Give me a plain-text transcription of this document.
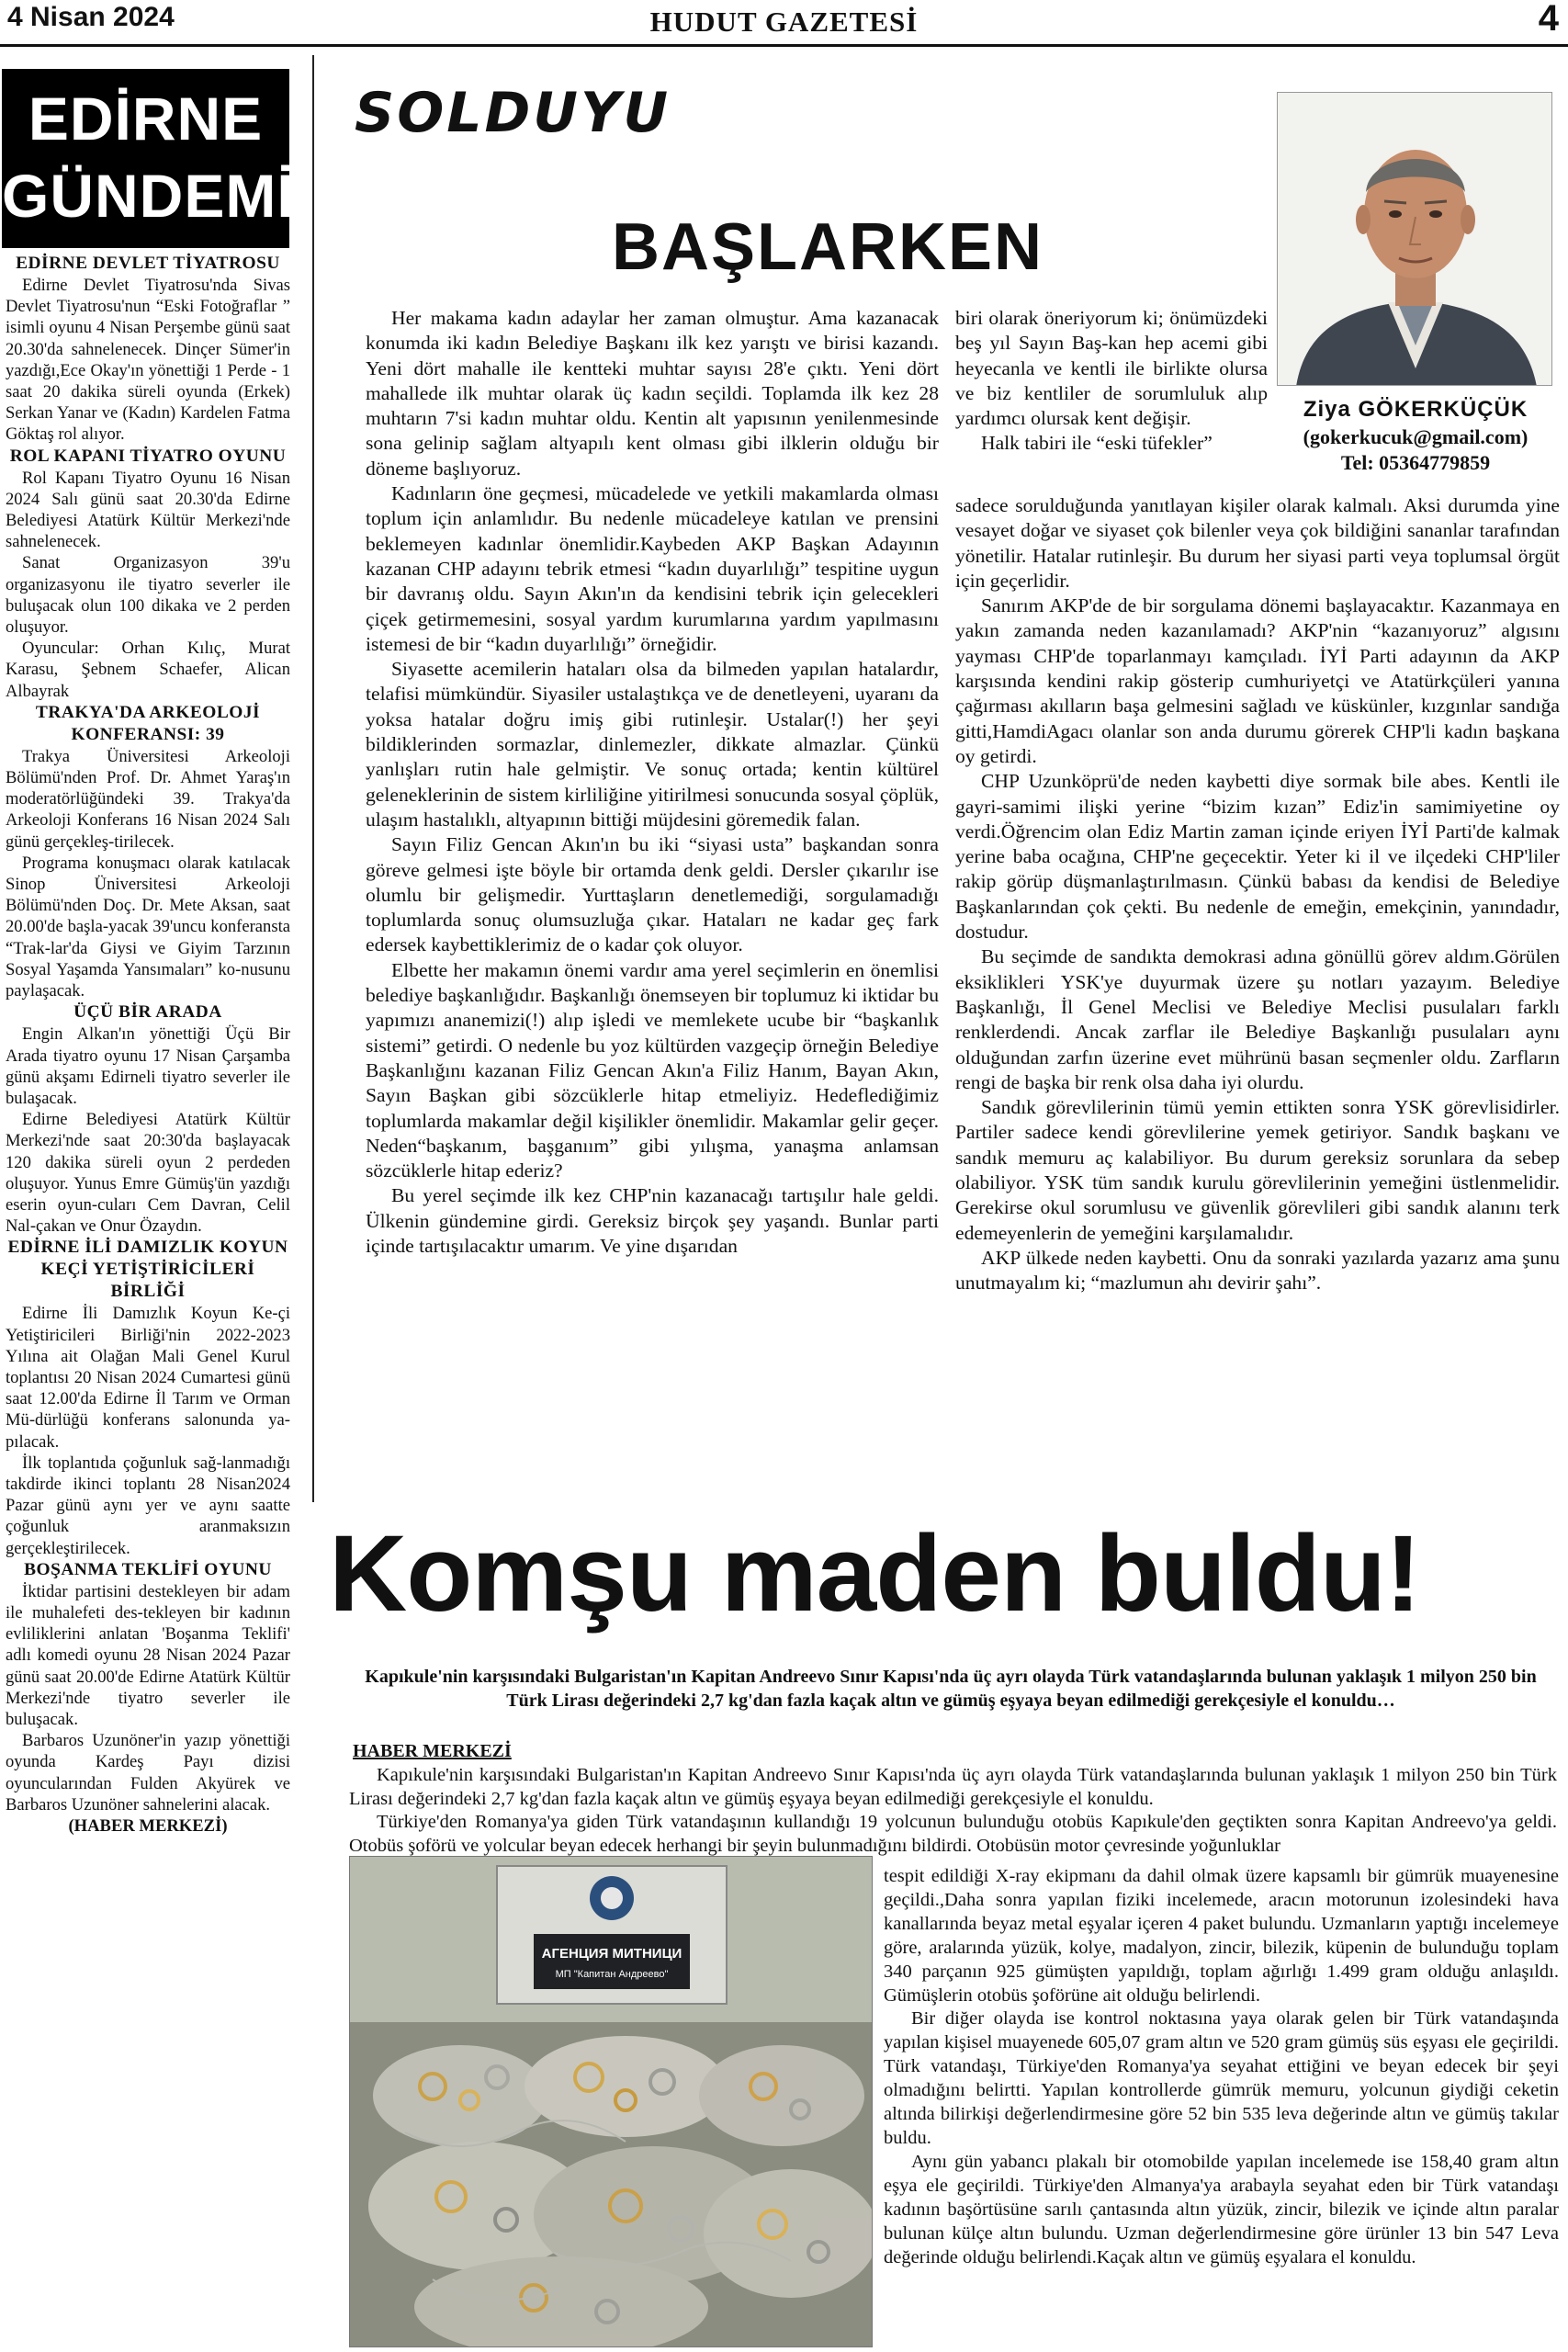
4 Nisan 2024	HUDUT GAZETESİ	4
EDİRNE
GÜNDEMİ
EDİRNE DEVLET TİYATROSU

Edirne Devlet Tiyatrosu'nda Sivas Devlet Tiyatrosu'nun “Eski Fotoğraflar ” isimli oyunu 4 Nisan Perşembe günü saat 20.30'da sahnelenecek. Dinçer Sümer'in yazdığı,Ece Okay'ın yönettiği 1 Perde - 1 saat 20 dakika süreli oyunda (Erkek) Serkan Yanar ve (Kadın) Kardelen Fatma Göktaş rol alıyor.

ROL KAPANI TİYATRO OYUNU

Rol Kapanı Tiyatro Oyunu 16 Nisan 2024 Salı günü saat 20.30'da Edirne Belediyesi Atatürk Kültür Merkezi'nde sahnelenecek.

Sanat Organizasyon 39'u organizasyonu ile tiyatro severler ile buluşacak olun 100 dikaka ve 2 perden oluşuyor.

Oyuncular: Orhan Kılıç, Murat Karasu, Şebnem Schaefer, Alican Albayrak

TRAKYA'DA ARKEOLOJİ KONFERANSI: 39

Trakya Üniversitesi Arkeoloji Bölümü'nden Prof. Dr. Ahmet Yaraş'ın moderatörlüğündeki 39. Trakya'da Arkeoloji Konferans 16 Nisan 2024 Salı günü gerçekleş-tirilecek.

Programa konuşmacı olarak katılacak Sinop Üniversitesi Arkeoloji Bölümü'nden Doç. Dr. Mete Aksan, saat 20.00'de başla-yacak 39'uncu konferansta “Trak-lar'da Giysi ve Giyim Tarzının Sosyal Yaşamda Yansımaları” ko-nusunu paylaşacak.

ÜÇÜ BİR ARADA

Engin Alkan'ın yönettiği Üçü Bir Arada tiyatro oyunu 17 Nisan Çarşamba günü akşamı Edirneli tiyatro severler ile bulaşacak.

Edirne Belediyesi Atatürk Kültür Merkezi'nde saat 20:30'da başlayacak 120 dakika süreli oyun 2 perdeden oluşuyor. Yunus Emre Gümüş'ün yazdığı eserin oyun-cuları Cem Davran, Celil Nal-çakan ve Onur Özaydın.

EDİRNE İLİ DAMIZLIK KOYUN KEÇİ YETİŞTİRİCİLERİ BİRLİĞİ

Edirne İli Damızlık Koyun Ke-çi Yetiştiricileri Birliği'nin 2022-2023 Yılına ait Olağan Mali Genel Kurul toplantısı 20 Nisan 2024 Cumartesi günü saat 12.00'da Edirne İl Tarım ve Orman Mü-dürlüğü konferans salonunda ya-pılacak.

İlk toplantıda çoğunluk sağ-lanmadığı takdirde ikinci toplantı 28 Nisan2024 Pazar günü aynı yer ve aynı saatte çoğunluk aranmaksızın gerçekleştirilecek.

BOŞANMA TEKLİFİ OYUNU

İktidar partisini destekleyen bir adam ile muhalefeti des-tekleyen bir kadının evliliklerini anlatan 'Boşanma Teklifi' adlı komedi oyunu 28 Nisan 2024 Pazar günü saat 20.00'de Edirne Atatürk Kültür Merkezi'nde tiyatro severler ile buluşacak.

Barbaros Uzunöner'in yazıp yönettiği oyunda Kardeş Payı dizisi oyuncularından Fulden Akyürek ve Barbaros Uzunöner sahnelerini alacak.

(HABER MERKEZİ)

SOLDUYU
BAŞLARKEN
Ziya GÖKERKÜÇÜK
(gokerkucuk@gmail.com)
Tel: 05364779859

Her makama kadın adaylar her zaman olmuştur. Ama kazanacak konumda iki kadın Belediye Başkanı ilk kez yarıştı ve birisi kazandı. Yeni dört mahalle ile kentteki muhtar sayısı 28'e çıktı. Yeni dört mahallede ilk muhtar olarak üç kadın seçildi. Toplamda ilk kez 28 muhtarın 7'si kadın muhtar oldu. Kentin alt yapısının yenilenmesinde sona gelinip sağlam altyapılı kent olması gibi ilklerin olduğu bir döneme başlıyoruz.

Kadınların öne geçmesi, mücadelede ve yetkili makamlarda olması toplum için anlamlıdır. Bu nedenle mücadeleye katılan ve prensini beklemeyen kadınlar önemlidir.Kaybeden AKP Başkan Adayının kazanan CHP adayını tebrik etmesi “kadın duyarlılığı” tespitine uygun bir davranış oldu. Sayın Akın'ın da kendisini tebrik için gelecekleri çiçek getirmemesini, sosyal yardım kurumlarına yardım yapılmasını istemesi de bir “kadın duyarlılığı” örneğidir.

Siyasette acemilerin hataları olsa da bilmeden yapılan hatalardır, telafisi mümkündür. Siyasiler ustalaştıkça ve de denetleyeni, uyaranı da yoksa hatalar doğru imiş gibi rutinleşir. Ustalar(!) her şeyi bildiklerinden sormazlar, dinlemezler, dikkate almazlar. Çünkü yanlışları rutin hale gelmiştir. Ve sonuç ortada; kentin kültürel geleneklerinin de sistem kirliliğine yitirilmesi sonucunda sosyal çöplük, ulaşım hastalıklı, altyapının bittiği müjdesini göremedik falan.

Sayın Filiz Gencan Akın'ın bu iki “siyasi usta” başkandan sonra göreve gelmesi işte böyle bir ortamda denk geldi. Dersler çıkarılır ise olumlu bir gelişmedir. Yurttaşların denetlemediği, sorgulamadığı toplumlarda sonuç olumsuzluğa çıkar. Hataları ne kadar geç fark edersek kaybettiklerimiz de o kadar çok oluyor.

Elbette her makamın önemi vardır ama yerel seçimlerin en önemlisi belediye başkanlığıdır. Başkanlığı önemseyen bir toplumuz ki iktidar bu yapımızı ananemizi(!) alıp işledi ve memlekete ucube bir “başkanlık sistemi” getirdi. O nedenle bu yoz kültürden vazgeçip örneğin Belediye Başkanlığını kazanan Filiz Gencan Akın'a Filiz Hanım, Bayan Akın, Sayın Başkan gibi sözcüklerle hitap etmeliyiz. Hedeflediğimiz toplumlarda makamlar değil kişilikler önemlidir. Makamlar gelir geçer. Neden“başkanım, başganıım” gibi yılışma, yanaşma anlamsan sözcüklerle hitap ederiz?

Bu yerel seçimde ilk kez CHP'nin kazanacağı tartışılır hale geldi. Ülkenin gündemine girdi. Gereksiz birçok şey yaşandı. Bunlar parti içinde tartışılacaktır umarım. Ve yine dışarıdan

biri olarak öneriyorum ki; önümüzdeki beş yıl Sayın Baş-kan hep acemi gibi heyecanla ve kentli ile birlikte olursa ve biz kentliler de sorumluluk alıp yardımcı olursak kent değişir.

Halk tabiri ile “eski tüfekler”

sadece sorulduğunda yanıtlayan kişiler olarak kalmalı. Aksi durumda yine vesayet doğar ve siyaset çok bilenler veya çok bildiğini sananlar tarafından yönetilir. Hatalar rutinleşir. Bu durum her siyasi parti veya toplumsal örgüt için geçerlidir.

Sanırım AKP'de de bir sorgulama dönemi başlayacaktır. Kazanmaya en yakın zamanda neden kazanılamadı? AKP'nin “kazanıyoruz” algısını yayması CHP'de toparlanmayı kamçıladı. İYİ Parti adayının da AKP karşısında kendini rakip gösterip cumhuriyetçi ve Atatürkçüleri yanına çağırması akılların başa gelmesini sağladı ve küskünler, kızgınlar sandığa gitti,HamdiAgacı olanlar son anda durumu görerek CHP'li kadın başkana oy getirdi.

CHP Uzunköprü'de neden kaybetti diye sormak bile abes. Kentli ile gayri-samimi ilişki yerine “bizim kızan” Ediz'in samimiyetine oy verdi.Öğrencim olan Ediz Martin zaman içinde eriyen İYİ Parti'de kalmak yerine baba ocağına, CHP'ne geçecektir. Yeter ki il ve ilçedeki CHP'liler rakip görüp düşmanlaştırılmasın. Çünkü babası da kendisi de Belediye Başkanlarından çok çekti. Bu nedenle de emeğin, emekçinin, yanındadır, dostudur.

Bu seçimde de sandıkta demokrasi adına gönüllü görev aldım.Görülen eksiklikleri YSK'ye duyurmak üzere şu notları yazayım. Belediye Başkanlığı, İl Genel Meclisi ve Belediye Meclisi pusulaları farklı renklerdendi. Ancak zarflar ile Belediye Başkanlığı pusulaları aynı olduğundan zarfın üzerine evet mührünü basan seçmenler oldu. Zarfların rengi de başka bir renk olsa daha iyi olurdu.

Sandık görevlilerinin tümü yemin ettikten sonra YSK görevlisidirler. Partiler sadece kendi görevlilerine yemek getiriyor. Sandık başkanı ve sandık memuru aç kalabiliyor. Bu durum gereksiz sorunlara da sebep olabiliyor. YSK tüm sandık kurulu görevlilerinin yemeğini üstlenmelidir. Gerekirse okul sorumlusu ve güvenlik görevlileri gibi sandık alanını terk edemeyenlerin de yemeğini karşılamalıdır.

AKP ülkede neden kaybetti. Onu da sonraki yazılarda yazarız ama şunu unutmayalım ki; “mazlumun ahı devirir şahı”.

Komşu maden buldu!
Kapıkule'nin karşısındaki Bulgaristan'ın Kapitan Andreevo Sınır Kapısı'nda üç ayrı olayda Türk vatandaşlarında bulunan yaklaşık 1 milyon 250 bin Türk Lirası değerindeki 2,7 kg'dan fazla kaçak altın ve gümüş eşyaya beyan edilmediği gerekçesiyle el konuldu…
HABER MERKEZİ

Kapıkule'nin karşısındaki Bulgaristan'ın Kapitan Andreevo Sınır Kapısı'nda üç ayrı olayda Türk vatandaşlarında bulunan yaklaşık 1 milyon 250 bin Türk Lirası değerindeki 2,7 kg'dan fazla kaçak altın ve gümüş eşyaya beyan edilmediği gerekçesiyle el konuldu.

Türkiye'den Romanya'ya giden Türk vatandaşının kullandığı 19 yolcunun bulunduğu otobüs Kapıkule'den geçtikten sonra Kapitan Andreevo'ya geldi. Otobüs şoförü ve yolcular beyan edecek herhangi bir şeyin bulunmadığını bildirdi. Otobüsün motor çevresinde yoğunluklar

АГЕНЦИЯ МИТНИЦИ
МП "Капитан Андреево"

tespit edildiği X-ray ekipmanı da dahil olmak üzere kapsamlı bir gümrük muayenesine geçildi.,Daha sonra yapılan fiziki incelemede, aracın motorunun izolesindeki hava kanallarında beyaz metal eşyalar içeren 4 paket bulundu. Uzmanların yaptığı incelemeye göre, aralarında yüzük, kolye, madalyon, zincir, bilezik, küpenin de bulunduğu toplam 340 parçanın 925 gümüşten yapıldığı, toplam ağırlığı 1.499 gram olduğu anlaşıldı. Gümüşlerin otobüs şoförüne ait olduğu belirlendi.

Bir diğer olayda ise kontrol noktasına yaya olarak gelen bir Türk vatandaşında yapılan kişisel muayenede 605,07 gram altın ve 520 gram gümüş süs eşyası ele geçirildi. Türk vatandaşı, Türkiye'den Romanya'ya seyahat ettiğini ve beyan edecek bir şeyi olmadığını belirtti. Yapılan kontrollerde gümrük memuru, yolcunun giydiği ceketin altında bilirkişi değerlendirmesine göre 52 bin 535 leva değerinde altın ve gümüş takılar buldu.

Aynı gün yabancı plakalı bir otomobilde yapılan incelemede ise 158,40 gram altın eşya ele geçirildi. Türkiye'den Almanya'ya arabayla seyahat eden bir Türk vatandaşı kadının başörtüsüne sarılı çantasında altın yüzük, zincir, bilezik ve içinde altın paralar bulunan külçe altın bulundu. Uzman değerlendirmesine göre ürünler 13 bin 547 Leva değerinde olduğu belirlendi.Kaçak altın ve gümüş eşyalara el konuldu.
